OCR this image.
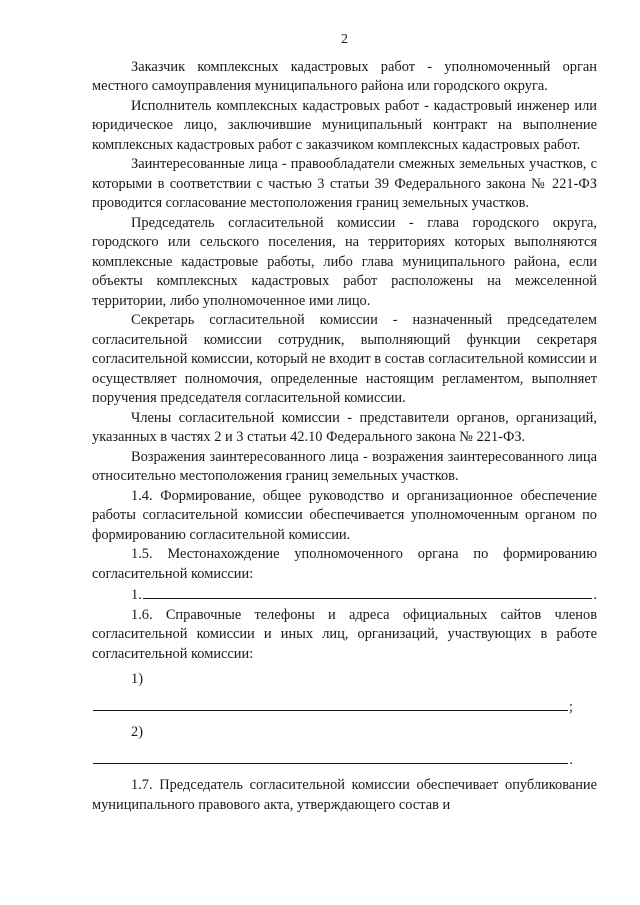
2

Заказчик комплексных кадастровых работ - уполномоченный орган местного самоуправления муниципального района или городского округа.

Исполнитель комплексных кадастровых работ - кадастровый инженер или юридическое лицо, заключившие муниципальный контракт на выполнение комплексных кадастровых работ с заказчиком комплексных кадастровых работ.

Заинтересованные лица - правообладатели смежных земельных участков, с которыми в соответствии с частью 3 статьи 39 Федерального закона № 221-ФЗ проводится согласование местоположения границ земельных участков.

Председатель согласительной комиссии - глава городского округа, городского или сельского поселения, на территориях которых выполняются комплексные кадастровые работы, либо глава муниципального района, если объекты комплексных кадастровых работ расположены на межселенной территории, либо уполномоченное ими лицо.

Секретарь согласительной комиссии - назначенный председателем согласительной комиссии сотрудник, выполняющий функции секретаря согласительной комиссии, который не входит в состав согласительной комиссии и осуществляет полномочия, определенные настоящим регламентом, выполняет поручения председателя согласительной комиссии.

Члены согласительной комиссии - представители органов, организаций, указанных в частях 2 и 3 статьи 42.10 Федерального закона № 221-ФЗ.

Возражения заинтересованного лица - возражения заинтересованного лица относительно местоположения границ земельных участков.

1.4. Формирование, общее руководство и организационное обеспечение работы согласительной комиссии обеспечивается уполномоченным органом по формированию согласительной комиссии.

1.5. Местонахождение уполномоченного органа по формированию согласительной комиссии:

1.	.

1.6. Справочные телефоны и адреса официальных сайтов членов согласительной комиссии и иных лиц, организаций, участвующих в работе согласительной комиссии:

1)
;
2)
.

1.7. Председатель согласительной комиссии обеспечивает опубликование муниципального правового акта, утверждающего состав и
